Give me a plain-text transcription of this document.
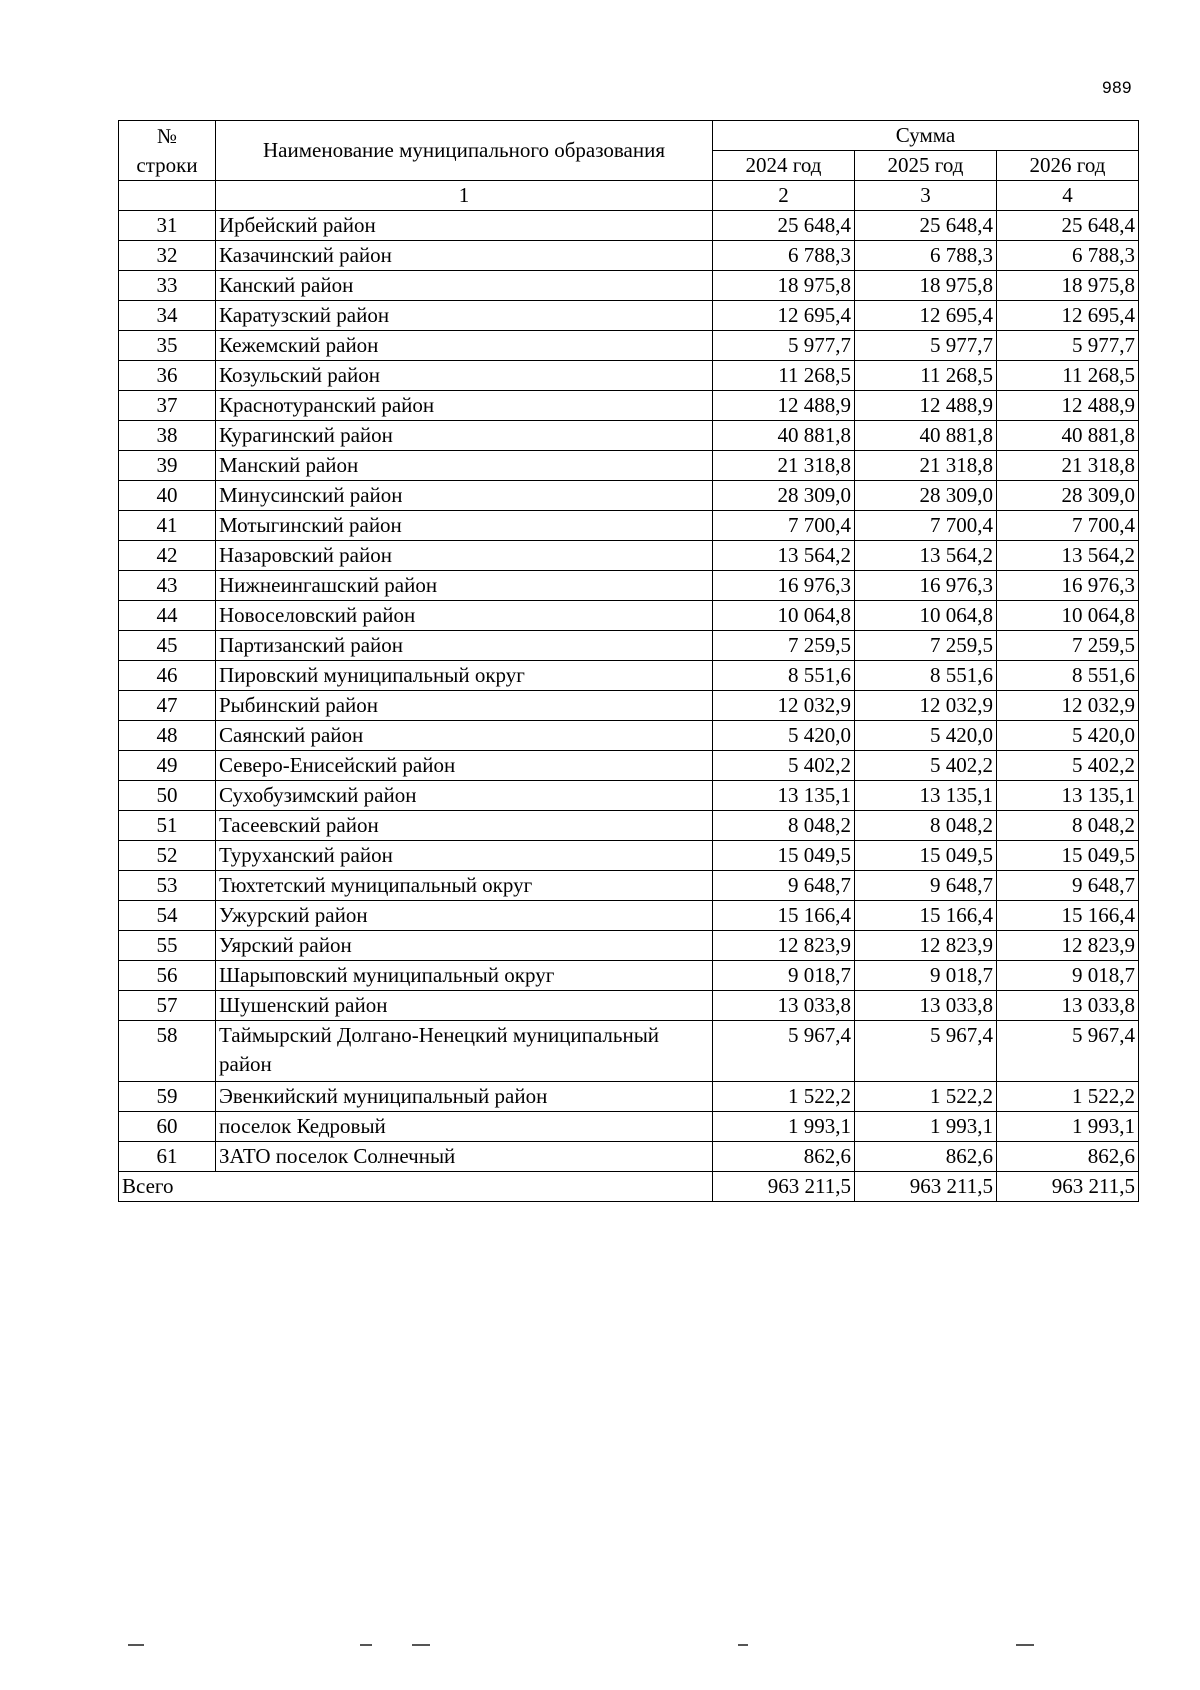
989
№
строки	Наименование муниципального образования	Сумма		
		2024 год	2025 год	2026 год
	1	2	3	4
31	Ирбейский район	25 648,4	25 648,4	25 648,4
32	Казачинский район	6 788,3	6 788,3	6 788,3
33	Канский район	18 975,8	18 975,8	18 975,8
34	Каратузский район	12 695,4	12 695,4	12 695,4
35	Кежемский район	5 977,7	5 977,7	5 977,7
36	Козульский район	11 268,5	11 268,5	11 268,5
37	Краснотуранский район	12 488,9	12 488,9	12 488,9
38	Курагинский район	40 881,8	40 881,8	40 881,8
39	Манский район	21 318,8	21 318,8	21 318,8
40	Минусинский район	28 309,0	28 309,0	28 309,0
41	Мотыгинский район	7 700,4	7 700,4	7 700,4
42	Назаровский район	13 564,2	13 564,2	13 564,2
43	Нижнеингашский район	16 976,3	16 976,3	16 976,3
44	Новоселовский район	10 064,8	10 064,8	10 064,8
45	Партизанский район	7 259,5	7 259,5	7 259,5
46	Пировский муниципальный округ	8 551,6	8 551,6	8 551,6
47	Рыбинский район	12 032,9	12 032,9	12 032,9
48	Саянский район	5 420,0	5 420,0	5 420,0
49	Северо-Енисейский район	5 402,2	5 402,2	5 402,2
50	Сухобузимский район	13 135,1	13 135,1	13 135,1
51	Тасеевский район	8 048,2	8 048,2	8 048,2
52	Туруханский район	15 049,5	15 049,5	15 049,5
53	Тюхтетский муниципальный округ	9 648,7	9 648,7	9 648,7
54	Ужурский район	15 166,4	15 166,4	15 166,4
55	Уярский район	12 823,9	12 823,9	12 823,9
56	Шарыповский муниципальный округ	9 018,7	9 018,7	9 018,7
57	Шушенский район	13 033,8	13 033,8	13 033,8
58	Таймырский Долгано-Ненецкий муниципальный район	5 967,4	5 967,4	5 967,4
59	Эвенкийский муниципальный район	1 522,2	1 522,2	1 522,2
60	поселок Кедровый	1 993,1	1 993,1	1 993,1
61	ЗАТО поселок Солнечный	862,6	862,6	862,6
Всего		963 211,5	963 211,5	963 211,5
